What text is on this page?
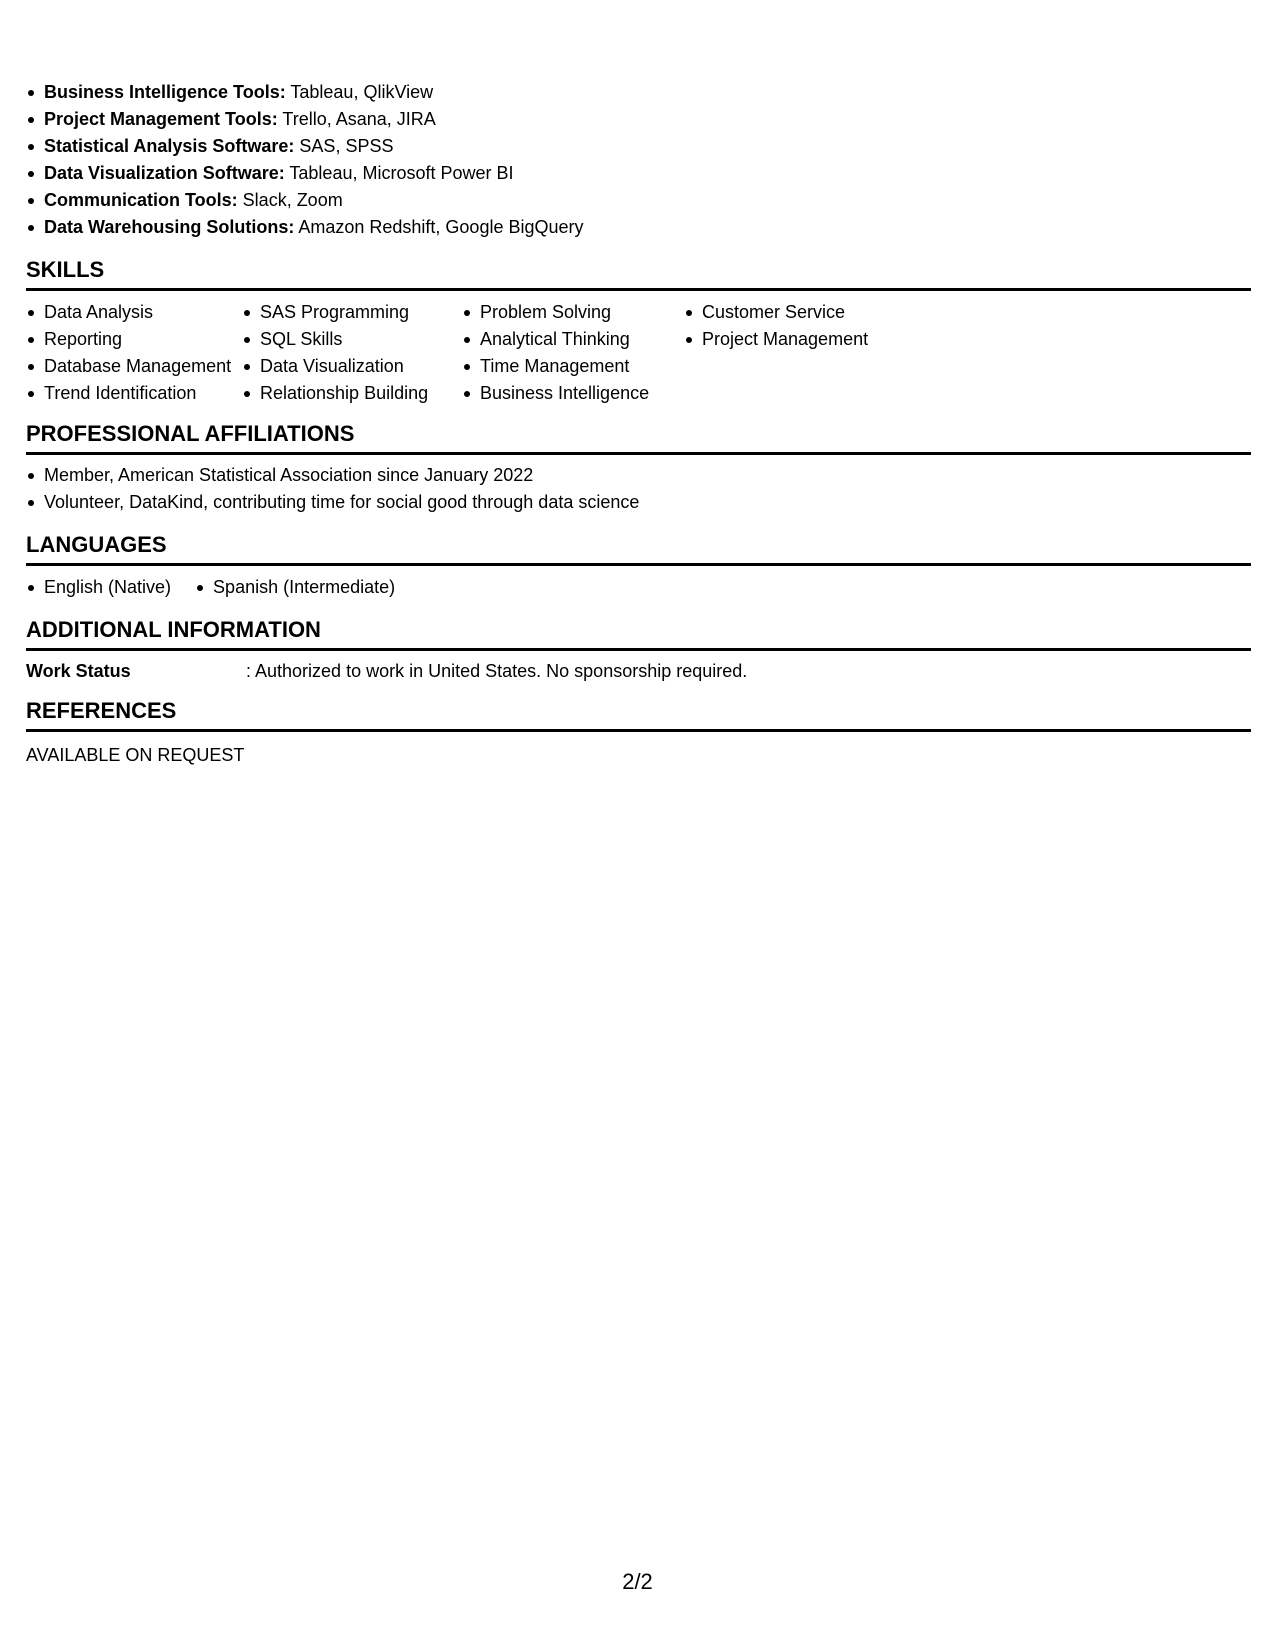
Business Intelligence Tools: Tableau, QlikView
Project Management Tools: Trello, Asana, JIRA
Statistical Analysis Software: SAS, SPSS
Data Visualization Software: Tableau, Microsoft Power BI
Communication Tools: Slack, Zoom
Data Warehousing Solutions: Amazon Redshift, Google BigQuery
SKILLS
Data Analysis
Reporting
Database Management
Trend Identification
SAS Programming
SQL Skills
Data Visualization
Relationship Building
Problem Solving
Analytical Thinking
Time Management
Business Intelligence
Customer Service
Project Management
PROFESSIONAL AFFILIATIONS
Member, American Statistical Association since January 2022
Volunteer, DataKind, contributing time for social good through data science
LANGUAGES
English (Native)	Spanish (Intermediate)
ADDITIONAL INFORMATION
Work Status	: Authorized to work in United States. No sponsorship required.
REFERENCES
AVAILABLE ON REQUEST
2/2
